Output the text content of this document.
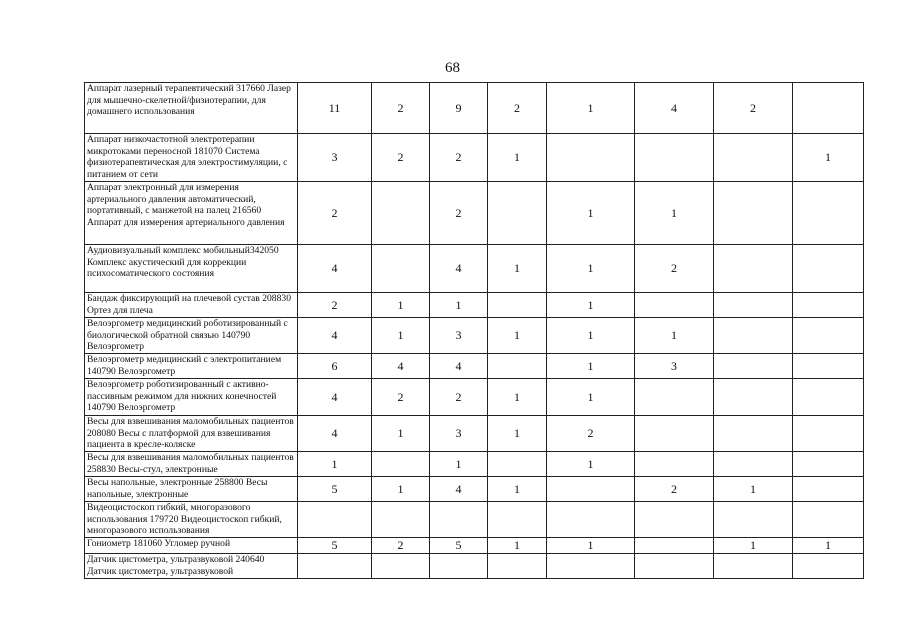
68
Аппарат лазерный терапевтический 317660 Лазер для мышечно-скелетной/физиотерапии, для домашнего использования	11	2	9	2	1	4	2	
Аппарат низкочастотной электротерапии микротоками переносной 181070 Система физиотерапевтическая для электростимуляции, с питанием от сети	3	2	2	1				1
Аппарат электронный для измерения артериального давления автоматический, портативный, с манжетой на палец 216560 Аппарат для измерения артериального давления	2		2		1	1		
Аудиовизуальный комплекс мобильный342050 Комплекс акустический для коррекции психосоматического состояния	4		4	1	1	2		
Бандаж фиксирующий на плечевой сустав 208830 Ортез для плеча	2	1	1		1			
Велоэргометр медицинский роботизированный с биологической обратной связью 140790 Велоэргометр	4	1	3	1	1	1		
Велоэргометр медицинский с электропитанием 140790 Велоэргометр	6	4	4		1	3		
Велоэргометр роботизированный с активно-пассивным режимом для нижних конечностей 140790 Велоэргометр	4	2	2	1	1			
Весы для взвешивания маломобильных пациентов 208080 Весы с платформой для взвешивания пациента в кресле-коляске	4	1	3	1	2			
Весы для взвешивания маломобильных пациентов 258830 Весы-стул, электронные	1		1		1			
Весы напольные, электронные 258800 Весы напольные, электронные	5	1	4	1		2	1	
Видеоцистоскоп гибкий, многоразового использования 179720 Видеоцистоскоп гибкий, многоразового использования								
Гониометр 181060 Угломер ручной	5	2	5	1	1		1	1
Датчик цистометра, ультразвуковой 240640 Датчик цистометра, ультразвуковой								
